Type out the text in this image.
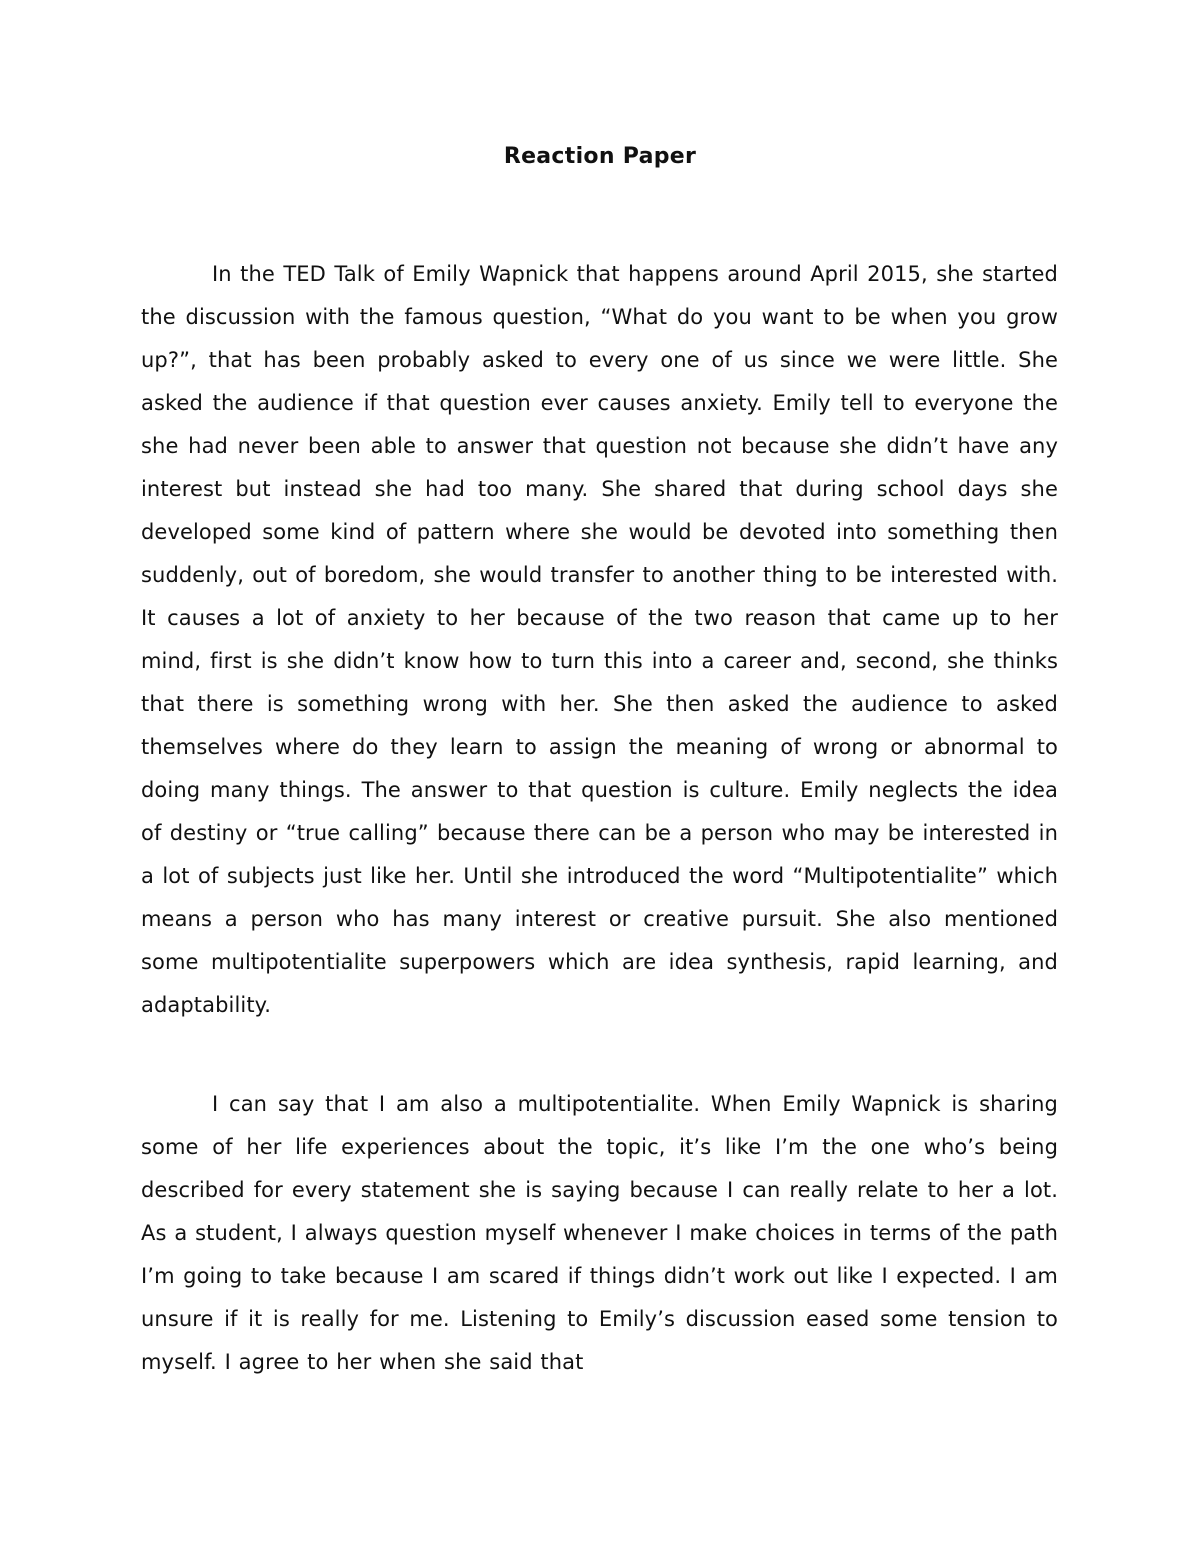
Reaction Paper

In the TED Talk of Emily Wapnick that happens around April 2015, she started the discussion with the famous question, “What do you want to be when you grow up?”, that has been probably asked to every one of us since we were little. She asked the audience if that question ever causes anxiety. Emily tell to everyone the she had never been able to answer that question not because she didn’t have any interest but instead she had too many. She shared that during school days she developed some kind of pattern where she would be devoted into something then suddenly, out of boredom, she would transfer to another thing to be interested with. It causes a lot of anxiety to her because of the two reason that came up to her mind, first is she didn’t know how to turn this into a career and, second, she thinks that there is something wrong with her. She then asked the audience to asked themselves where do they learn to assign the meaning of wrong or abnormal to doing many things. The answer to that question is culture. Emily neglects the idea of destiny or “true calling” because there can be a person who may be interested in a lot of subjects just like her. Until she introduced the word “Multipotentialite” which means a person who has many interest or creative pursuit. She also mentioned some multipotentialite superpowers which are idea synthesis, rapid learning, and adaptability.

I can say that I am also a multipotentialite. When Emily Wapnick is sharing some of her life experiences about the topic, it’s like I’m the one who’s being described for every statement she is saying because I can really relate to her a lot. As a student, I always question myself whenever I make choices in terms of the path I’m going to take because I am scared if things didn’t work out like I expected. I am unsure if it is really for me. Listening to Emily’s discussion eased some tension to myself. I agree to her when she said that
